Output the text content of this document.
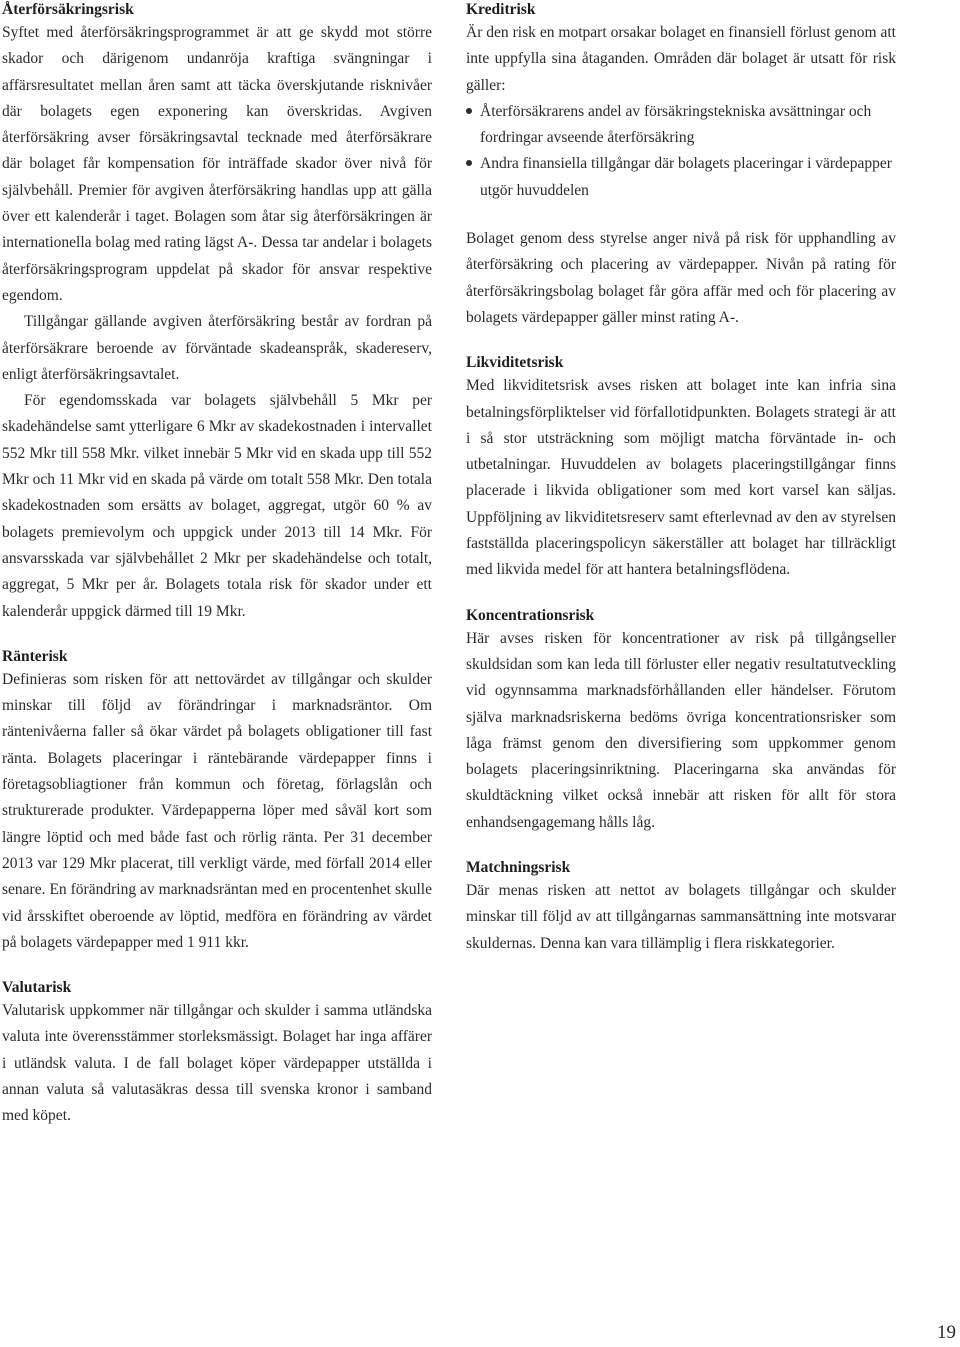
Återförsäkringsrisk

Syftet med återförsäkringsprogrammet är att ge skydd mot större skador och därigenom undanröja kraftiga svängningar i affärsresultatet mellan åren samt att täcka överskjutande risknivåer där bolagets egen exponering kan överskridas. Avgiven återförsäkring avser försäkringsavtal tecknade med återförsäkrare där bolaget får kompensation för inträffade skador över nivå för självbehåll. Premier för avgiven återförsäkring handlas upp att gälla över ett kalenderår i taget. Bolagen som åtar sig återförsäkringen är internationella bolag med rating lägst A-. Dessa tar andelar i bolagets återförsäkringsprogram uppdelat på skador för ansvar respektive egendom.

Tillgångar gällande avgiven återförsäkring består av fordran på återförsäkrare beroende av förväntade skadeanspråk, skadereserv, enligt återförsäkringsavtalet.

För egendomsskada var bolagets självbehåll 5 Mkr per skadehändelse samt ytterligare 6 Mkr av skadekostnaden i intervallet 552 Mkr till 558 Mkr. vilket innebär 5 Mkr vid en skada upp till 552 Mkr och 11 Mkr vid en skada på värde om totalt 558 Mkr. Den totala skadekostnaden som ersätts av bolaget, aggregat, utgör 60 % av bolagets premievolym och uppgick under 2013 till 14 Mkr. För ansvarsskada var självbehållet 2 Mkr per skadehändelse och totalt, aggregat, 5 Mkr per år. Bolagets totala risk för skador under ett kalenderår uppgick därmed till 19 Mkr.

Ränterisk

Definieras som risken för att nettovärdet av tillgångar och skulder minskar till följd av förändringar i marknadsräntor. Om räntenivåerna faller så ökar värdet på bolagets obligationer till fast ränta. Bolagets placeringar i räntebärande värdepapper finns i företagsobliagtioner från kommun och företag, förlagslån och strukturerade produkter. Värdepapperna löper med såväl kort som längre löptid och med både fast och rörlig ränta. Per 31 december 2013 var 129 Mkr placerat, till verkligt värde, med förfall 2014 eller senare. En förändring av marknadsräntan med en procentenhet skulle vid årsskiftet oberoende av löptid, medföra en förändring av värdet på bolagets värdepapper med 1 911 kkr.

Valutarisk

Valutarisk uppkommer när tillgångar och skulder i samma utländska valuta inte överensstämmer storleksmässigt. Bolaget har inga affärer i utländsk valuta. I de fall bolaget köper värdepapper utställda i annan valuta så valutasäkras dessa till svenska kronor i samband med köpet.

Kreditrisk

Är den risk en motpart orsakar bolaget en finansiell förlust genom att inte uppfylla sina åtaganden. Områden där bolaget är utsatt för risk gäller:

Återförsäkrarens andel av försäkringstekniska avsättningar och fordringar avseende återförsäkring
Andra finansiella tillgångar där bolagets placeringar i värdepapper utgör huvuddelen

Bolaget genom dess styrelse anger nivå på risk för upphandling av återförsäkring och placering av värdepapper. Nivån på rating för återförsäkringsbolag bolaget får göra affär med och för placering av bolagets värdepapper gäller minst rating A-.

Likviditetsrisk

Med likviditetsrisk avses risken att bolaget inte kan infria sina betalningsförpliktelser vid förfallotidpunkten. Bolagets strategi är att i så stor utsträckning som möjligt matcha förväntade in- och utbetalningar. Huvuddelen av bolagets placeringstillgångar finns placerade i likvida obligationer som med kort varsel kan säljas. Uppföljning av likviditetsreserv samt efterlevnad av den av styrelsen fastställda placeringspolicyn säkerställer att bolaget har tillräckligt med likvida medel för att hantera betalningsflödena.

Koncentrationsrisk

Här avses risken för koncentrationer av risk på tillgångseller skuldsidan som kan leda till förluster eller negativ resultatutveckling vid ogynnsamma marknadsförhållanden eller händelser. Förutom själva marknadsriskerna bedöms övriga koncentrationsrisker som låga främst genom den diversifiering som uppkommer genom bolagets placeringsinriktning. Placeringarna ska användas för skuldtäckning vilket också innebär att risken för allt för stora enhandsengagemang hålls låg.

Matchningsrisk

Där menas risken att nettot av bolagets tillgångar och skulder minskar till följd av att tillgångarnas sammansättning inte motsvarar skuldernas. Denna kan vara tillämplig i flera riskkategorier.

19
